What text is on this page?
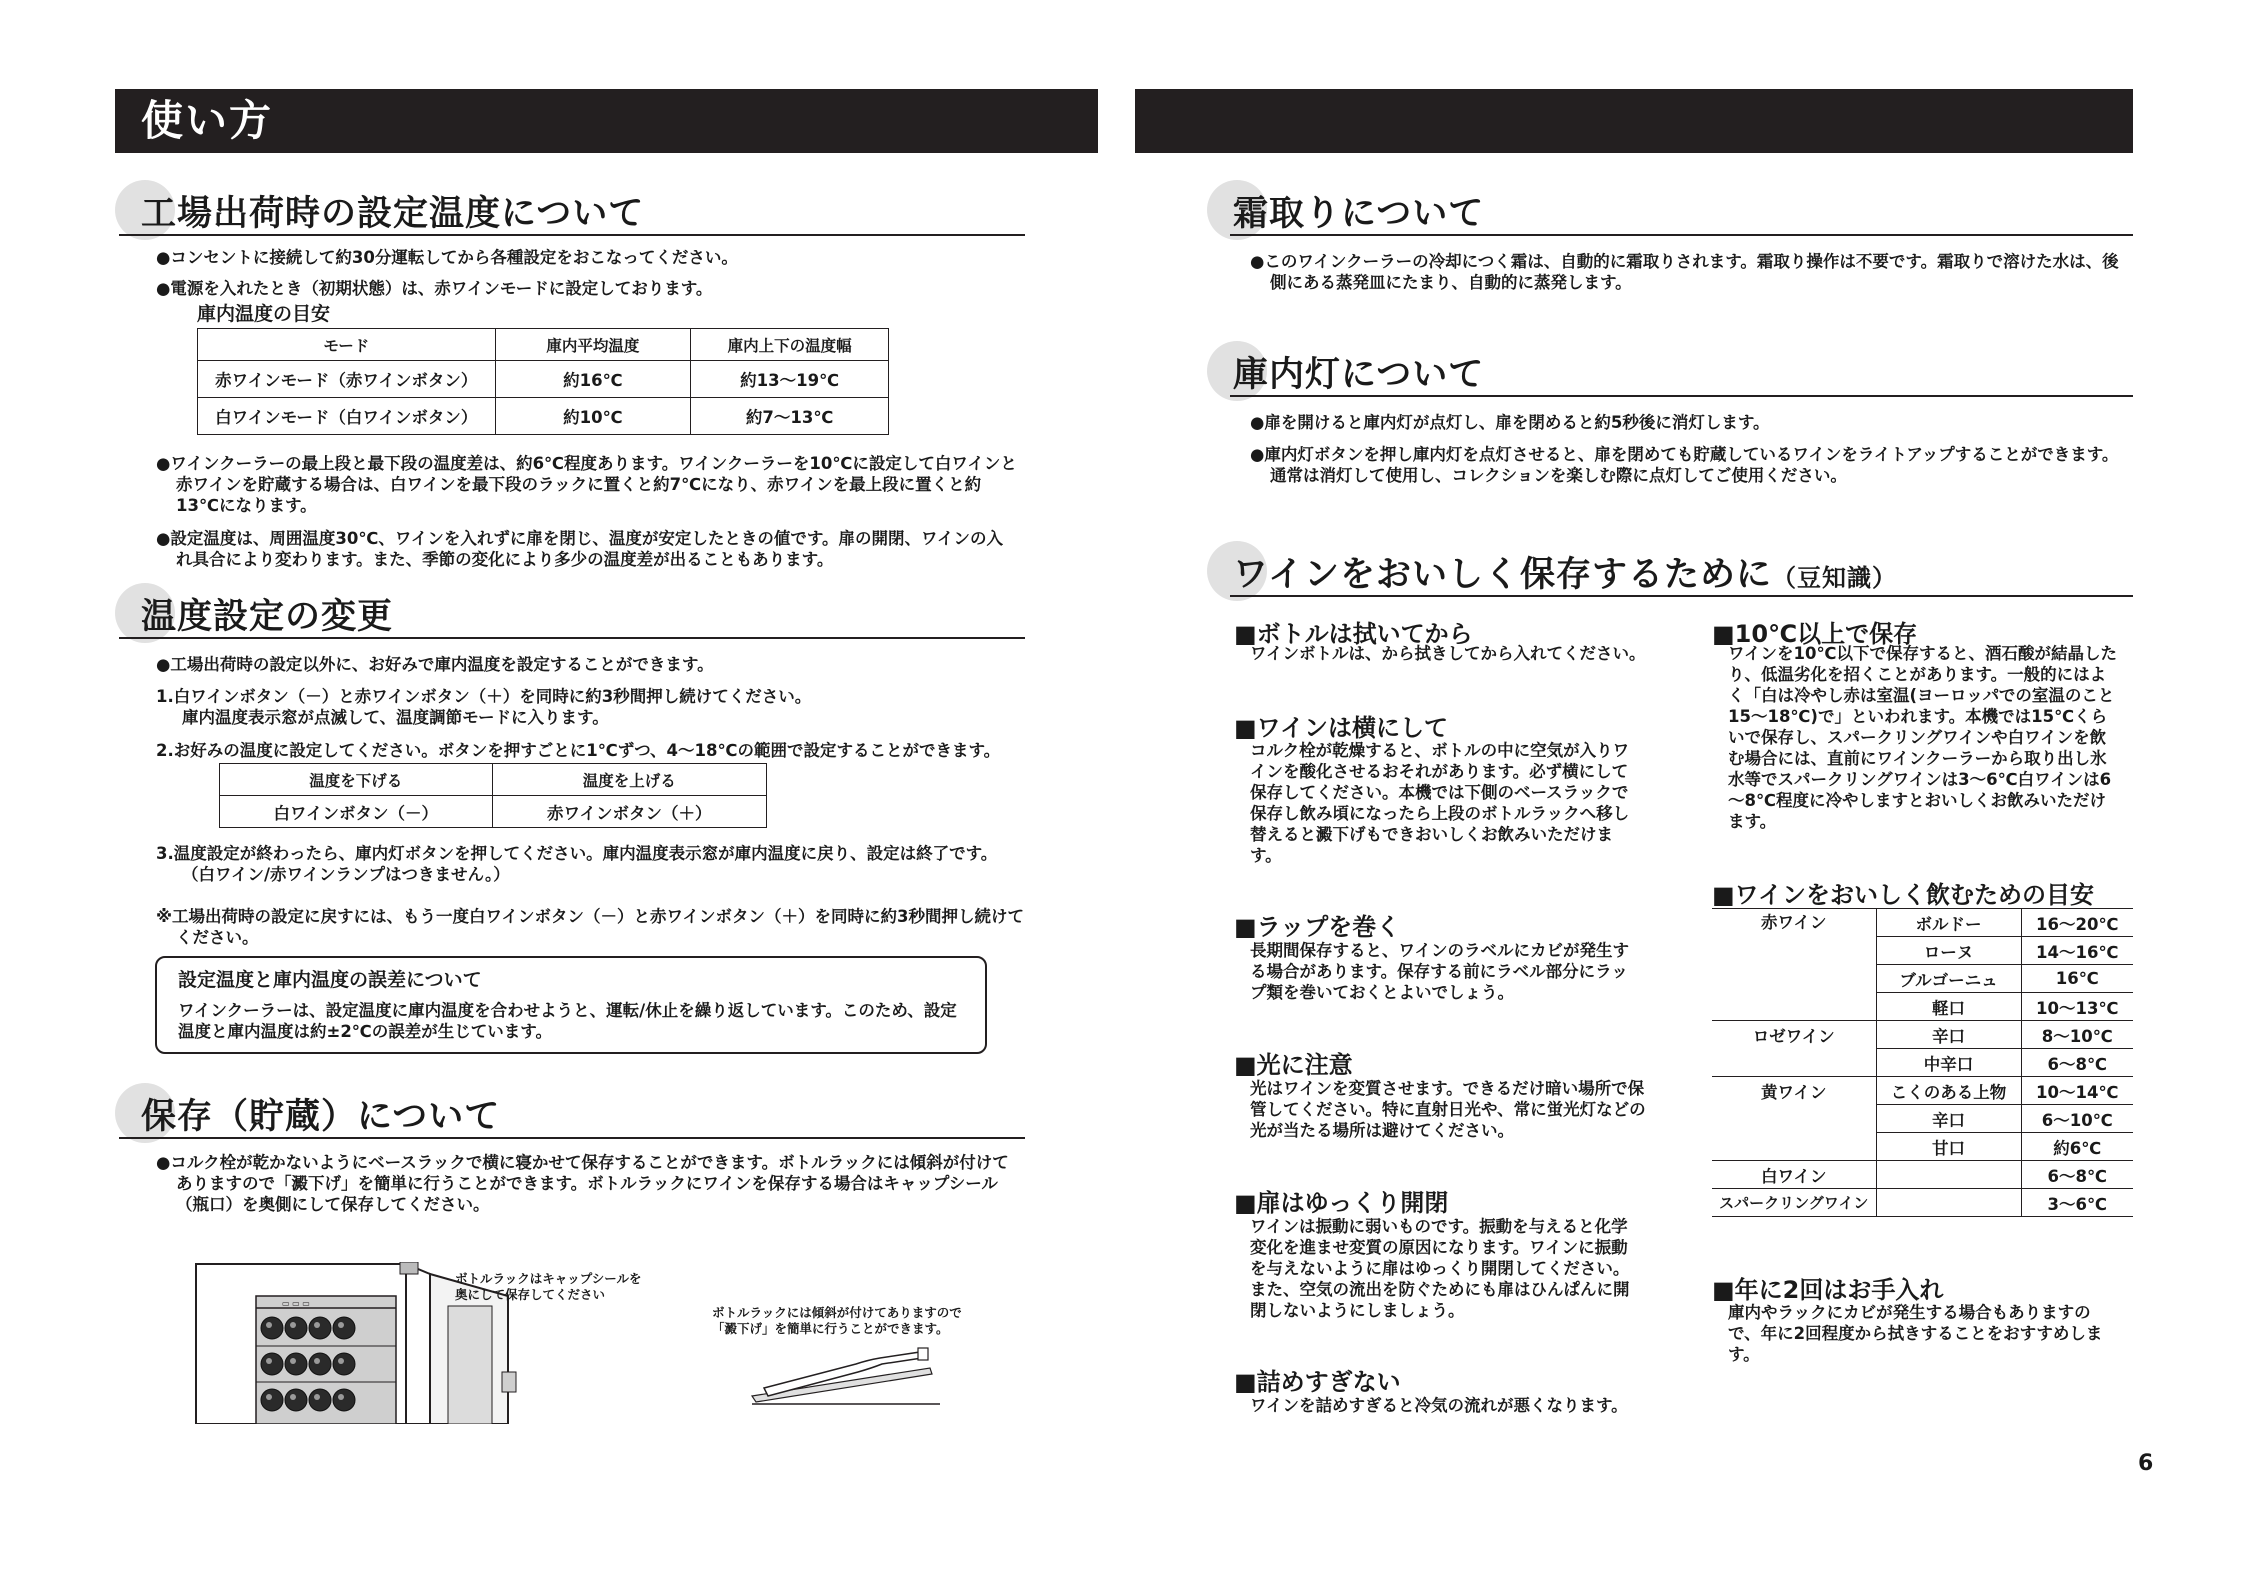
使い方
工場出荷時の設定温度について
●コンセントに接続して約30分運転してから各種設定をおこなってください。
●電源を入れたとき（初期状態）は、赤ワインモードに設定しております。
庫内温度の目安
モード	庫内平均温度	庫内上下の温度幅
赤ワインモード（赤ワインボタン）	約16℃	約13～19℃
白ワインモード（白ワインボタン）	約10℃	約7～13℃
●ワインクーラーの最上段と最下段の温度差は、約6℃程度あります。ワインクーラーを10℃に設定して白ワインと赤ワインを貯蔵する場合は、白ワインを最下段のラックに置くと約7℃になり、赤ワインを最上段に置くと約13℃になります。
●設定温度は、周囲温度30℃、ワインを入れずに扉を閉じ、温度が安定したときの値です。扉の開閉、ワインの入れ具合により変わります。また、季節の変化により多少の温度差が出ることもあります。
温度設定の変更
●工場出荷時の設定以外に、お好みで庫内温度を設定することができます。
1.白ワインボタン（－）と赤ワインボタン（＋）を同時に約3秒間押し続けてください。
庫内温度表示窓が点滅して、温度調節モードに入ります。
2.お好みの温度に設定してください。ボタンを押すごとに1℃ずつ、4～18℃の範囲で設定することができます。
温度を下げる	温度を上げる
白ワインボタン（－）	赤ワインボタン（＋）
3.温度設定が終わったら、庫内灯ボタンを押してください。庫内温度表示窓が庫内温度に戻り、設定は終了です。
（白ワイン/赤ワインランプはつきません。）
※工場出荷時の設定に戻すには、もう一度白ワインボタン（－）と赤ワインボタン（＋）を同時に約3秒間押し続けてください。
設定温度と庫内温度の誤差について
ワインクーラーは、設定温度に庫内温度を合わせようと、運転/休止を繰り返しています。このため、設定温度と庫内温度は約±2℃の誤差が生じています。
保存（貯蔵）について
●コルク栓が乾かないようにベースラックで横に寝かせて保存することができます。ボトルラックには傾斜が付けてありますので「澱下げ」を簡単に行うことができます。ボトルラックにワインを保存する場合はキャップシール（瓶口）を奥側にして保存してください。
▭ ▭ ▭
ボトルラックはキャップシールを
奥にして保存してください
ボトルラックには傾斜が付けてありますので
「澱下げ」を簡単に行うことができます。
霜取りについて
●このワインクーラーの冷却につく霜は、自動的に霜取りされます。霜取り操作は不要です。霜取りで溶けた水は、後側にある蒸発皿にたまり、自動的に蒸発します。
庫内灯について
●扉を開けると庫内灯が点灯し、扉を閉めると約5秒後に消灯します。
●庫内灯ボタンを押し庫内灯を点灯させると、扉を閉めても貯蔵しているワインをライトアップすることができます。通常は消灯して使用し、コレクションを楽しむ際に点灯してご使用ください。
ワインをおいしく保存するために（豆知識）
■ボトルは拭いてから
ワインボトルは、から拭きしてから入れてください。
■ワインは横にして
コルク栓が乾燥すると、ボトルの中に空気が入りワインを酸化させるおそれがあります。必ず横にして保存してください。本機では下側のベースラックで保存し飲み頃になったら上段のボトルラックへ移し替えると澱下げもできおいしくお飲みいただけます。
■ラップを巻く
長期間保存すると、ワインのラベルにカビが発生する場合があります。保存する前にラベル部分にラップ類を巻いておくとよいでしょう。
■光に注意
光はワインを変質させます。できるだけ暗い場所で保管してください。特に直射日光や、常に蛍光灯などの光が当たる場所は避けてください。
■扉はゆっくり開閉
ワインは振動に弱いものです。振動を与えると化学変化を進ませ変質の原因になります。ワインに振動を与えないように扉はゆっくり開閉してください。また、空気の流出を防ぐためにも扉はひんぱんに開閉しないようにしましょう。
■詰めすぎない
ワインを詰めすぎると冷気の流れが悪くなります。
■10℃以上で保存
ワインを10℃以下で保存すると、酒石酸が結晶したり、低温劣化を招くことがあります。一般的にはよく「白は冷やし赤は室温(ヨーロッパでの室温のこと15～18℃)で」といわれます。本機では15℃くらいで保存し、スパークリングワインや白ワインを飲む場合には、直前にワインクーラーから取り出し氷水等でスパークリングワインは3～6℃白ワインは6～8℃程度に冷やしますとおいしくお飲みいただけます。
■ワインをおいしく飲むための目安
赤ワイン	ボルドー	16～20℃
	ローヌ	14～16℃
	ブルゴーニュ	16℃
	軽口	10～13℃
ロゼワイン	辛口	8～10℃
	中辛口	6～8℃
黄ワイン	こくのある上物	10～14℃
	辛口	6～10℃
	甘口	約6℃
白ワイン		6～8℃
スパークリングワイン		3～6℃
■年に2回はお手入れ
庫内やラックにカビが発生する場合もありますので、年に2回程度から拭きすることをおすすめします。
6
